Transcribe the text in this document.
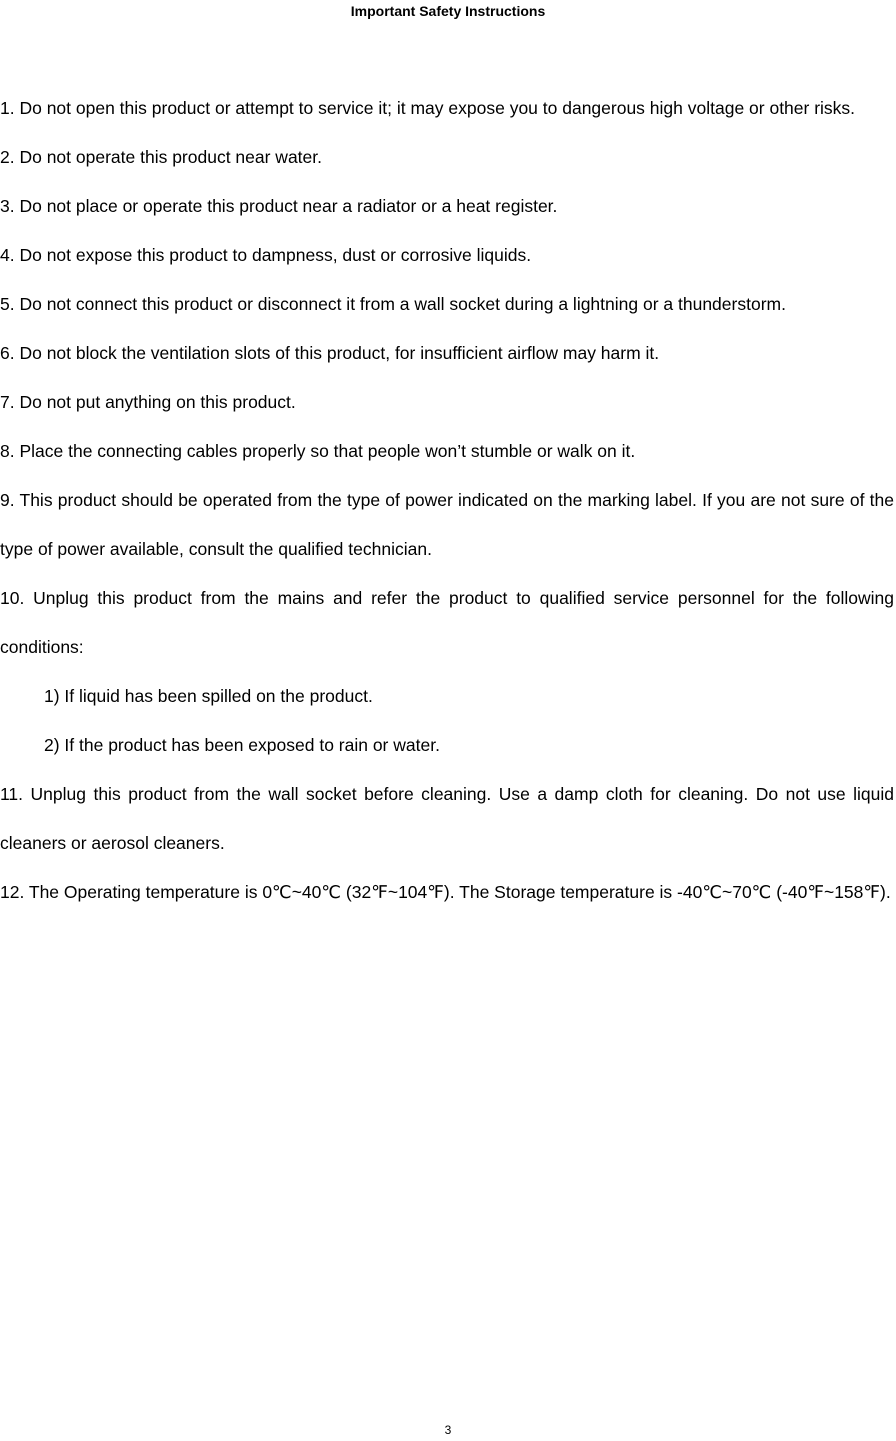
Important Safety Instructions

1. Do not open this product or attempt to service it; it may expose you to dangerous high voltage or other risks.

2. Do not operate this product near water.

3. Do not place or operate this product near a radiator or a heat register.

4. Do not expose this product to dampness, dust or corrosive liquids.

5. Do not connect this product or disconnect it from a wall socket during a lightning or a thunderstorm.

6. Do not block the ventilation slots of this product, for insufficient airflow may harm it.

7. Do not put anything on this product.

8. Place the connecting cables properly so that people won’t stumble or walk on it.

9. This product should be operated from the type of power indicated on the marking label. If you are not sure of the type of power available, consult the qualified technician.

10. Unplug this product from the mains and refer the product to qualified service personnel for the following conditions:

1) If liquid has been spilled on the product.

2) If the product has been exposed to rain or water.

11. Unplug this product from the wall socket before cleaning. Use a damp cloth for cleaning. Do not use liquid cleaners or aerosol cleaners.

12. The Operating temperature is 0℃~40℃ (32℉~104℉). The Storage temperature is -40℃~70℃ (-40℉~158℉).

3
